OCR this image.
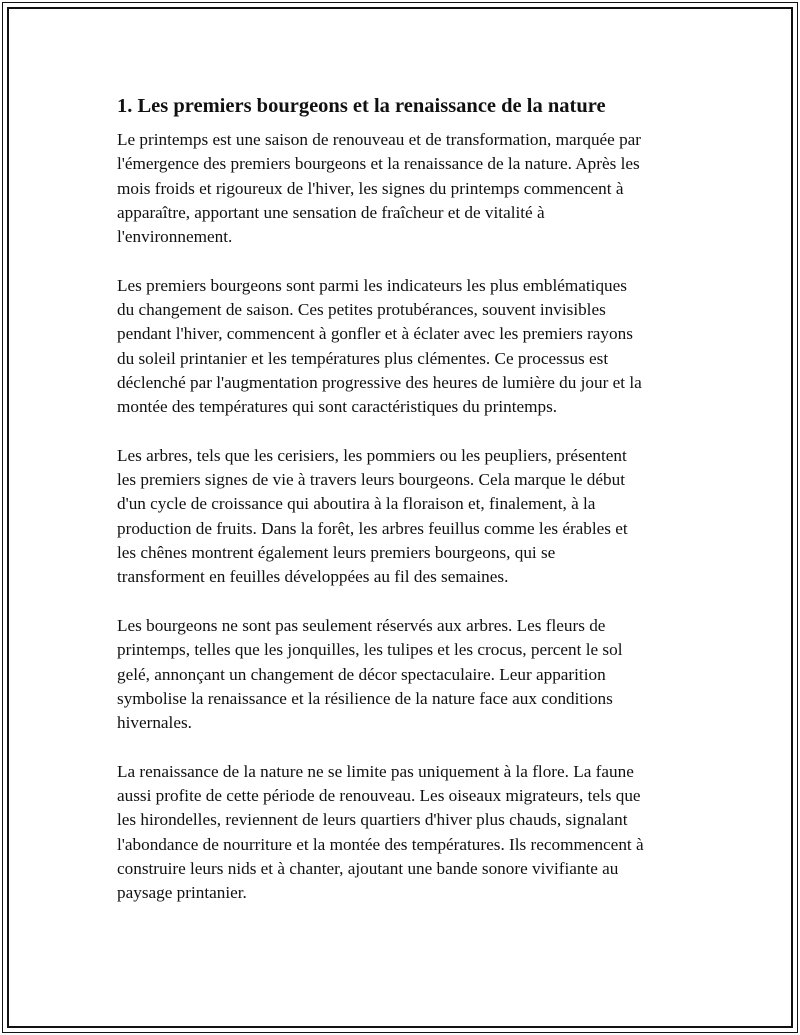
1. Les premiers bourgeons et la renaissance de la nature

Le printemps est une saison de renouveau et de transformation, marquée par
l'émergence des premiers bourgeons et la renaissance de la nature. Après les
mois froids et rigoureux de l'hiver, les signes du printemps commencent à
apparaître, apportant une sensation de fraîcheur et de vitalité à
l'environnement.

Les premiers bourgeons sont parmi les indicateurs les plus emblématiques
du changement de saison. Ces petites protubérances, souvent invisibles
pendant l'hiver, commencent à gonfler et à éclater avec les premiers rayons
du soleil printanier et les températures plus clémentes. Ce processus est
déclenché par l'augmentation progressive des heures de lumière du jour et la
montée des températures qui sont caractéristiques du printemps.

Les arbres, tels que les cerisiers, les pommiers ou les peupliers, présentent
les premiers signes de vie à travers leurs bourgeons. Cela marque le début
d'un cycle de croissance qui aboutira à la floraison et, finalement, à la
production de fruits. Dans la forêt, les arbres feuillus comme les érables et
les chênes montrent également leurs premiers bourgeons, qui se
transforment en feuilles développées au fil des semaines.

Les bourgeons ne sont pas seulement réservés aux arbres. Les fleurs de
printemps, telles que les jonquilles, les tulipes et les crocus, percent le sol
gelé, annonçant un changement de décor spectaculaire. Leur apparition
symbolise la renaissance et la résilience de la nature face aux conditions
hivernales.

La renaissance de la nature ne se limite pas uniquement à la flore. La faune
aussi profite de cette période de renouveau. Les oiseaux migrateurs, tels que
les hirondelles, reviennent de leurs quartiers d'hiver plus chauds, signalant
l'abondance de nourriture et la montée des températures. Ils recommencent à
construire leurs nids et à chanter, ajoutant une bande sonore vivifiante au
paysage printanier.
